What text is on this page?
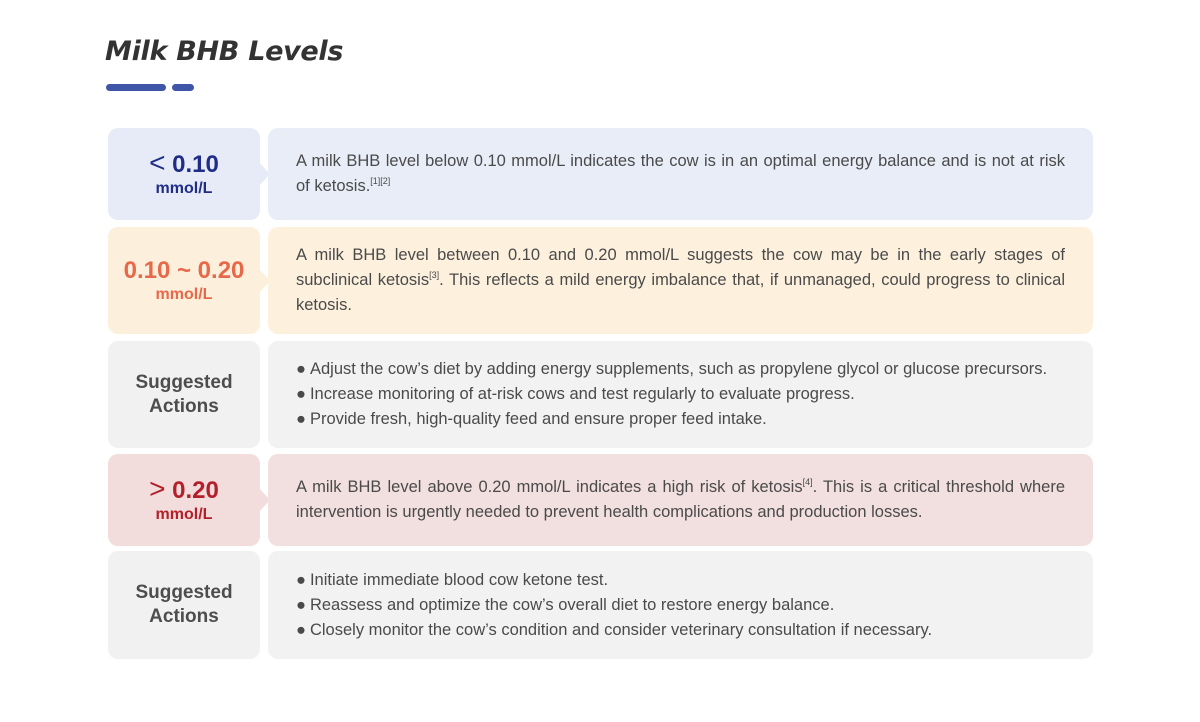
Milk BHB Levels
< 0.10
mmol/L

A milk BHB level below 0.10 mmol/L indicates the cow is in an optimal energy balance and is not at risk of ketosis.[1][2]

0.10 ~ 0.20
mmol/L

A milk BHB level between 0.10 and 0.20 mmol/L suggests the cow may be in the early stages of subclinical ketosis[3]. This reflects a mild energy imbalance that, if unmanaged, could progress to clinical ketosis.

Suggested
Actions
● Adjust the cow’s diet by adding energy supplements, such as propylene glycol or glucose precursors.
● Increase monitoring of at-risk cows and test regularly to evaluate progress.
● Provide fresh, high-quality feed and ensure proper feed intake.
> 0.20
mmol/L

A milk BHB level above 0.20 mmol/L indicates a high risk of ketosis[4]. This is a critical threshold where intervention is urgently needed to prevent health complications and production losses.

Suggested
Actions
● Initiate immediate blood cow ketone test.
● Reassess and optimize the cow’s overall diet to restore energy balance.
● Closely monitor the cow’s condition and consider veterinary consultation if necessary.
